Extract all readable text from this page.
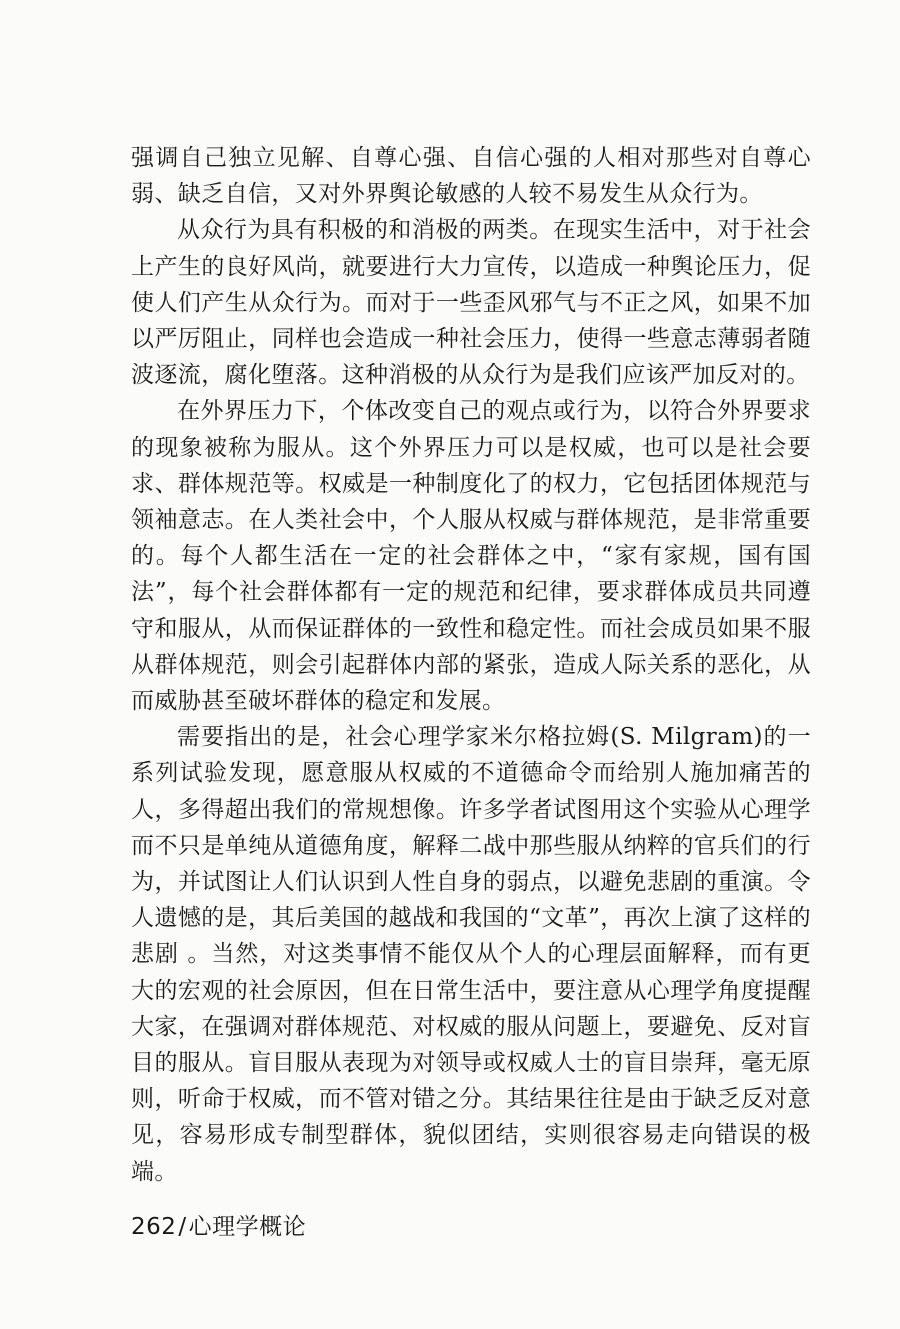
强调自己独立见解、自尊心强、自信心强的人相对那些对自尊心弱、缺乏自信，又对外界舆论敏感的人较不易发生从众行为。

从众行为具有积极的和消极的两类。在现实生活中，对于社会上产生的良好风尚，就要进行大力宣传，以造成一种舆论压力，促使人们产生从众行为。而对于一些歪风邪气与不正之风，如果不加以严厉阻止，同样也会造成一种社会压力，使得一些意志薄弱者随波逐流，腐化堕落。这种消极的从众行为是我们应该严加反对的。

在外界压力下，个体改变自己的观点或行为，以符合外界要求的现象被称为服从。这个外界压力可以是权威，也可以是社会要求、群体规范等。权威是一种制度化了的权力，它包括团体规范与领袖意志。在人类社会中，个人服从权威与群体规范，是非常重要的。每个人都生活在一定的社会群体之中，“家有家规，国有国法”，每个社会群体都有一定的规范和纪律，要求群体成员共同遵守和服从，从而保证群体的一致性和稳定性。而社会成员如果不服从群体规范，则会引起群体内部的紧张，造成人际关系的恶化，从而威胁甚至破坏群体的稳定和发展。

需要指出的是，社会心理学家米尔格拉姆(S. Milgram)的一系列试验发现，愿意服从权威的不道德命令而给别人施加痛苦的人，多得超出我们的常规想像。许多学者试图用这个实验从心理学而不只是单纯从道德角度，解释二战中那些服从纳粹的官兵们的行为，并试图让人们认识到人性自身的弱点，以避免悲剧的重演。令人遗憾的是，其后美国的越战和我国的“文革”，再次上演了这样的悲剧 。当然，对这类事情不能仅从个人的心理层面解释，而有更大的宏观的社会原因，但在日常生活中，要注意从心理学角度提醒大家，在强调对群体规范、对权威的服从问题上，要避免、反对盲目的服从。盲目服从表现为对领导或权威人士的盲目崇拜，毫无原则，听命于权威，而不管对错之分。其结果往往是由于缺乏反对意见，容易形成专制型群体，貌似团结，实则很容易走向错误的极端。

262/心理学概论
